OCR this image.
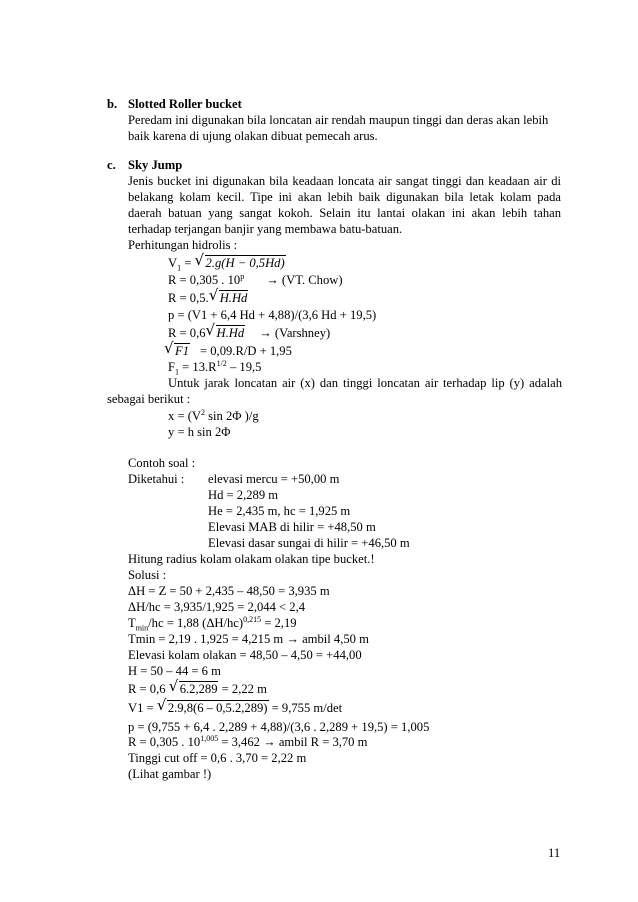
b. Slotted Roller bucket
Peredam ini digunakan bila loncatan air rendah maupun tinggi dan deras akan lebih
baik karena di ujung olakan dibuat pemecah arus.
c. Sky Jump
Jenis bucket ini digunakan bila keadaan loncata air sangat tinggi dan keadaan air di
belakang kolam kecil. Tipe ini akan lebih baik digunakan bila letak kolam pada
daerah batuan yang sangat kokoh. Selain itu lantai olakan ini akan lebih tahan
terhadap terjangan banjir yang membawa batu-batuan.
Perhitungan hidrolis :
$V_1$ = √ 2.g(H − 0,5Hd)
R = 0,305 . $10^p \to (VT$. Chow)
R = 0,5. √ H.Hd
p = (V1 + 6,4 Hd + 4,88)/(3,6 Hd + 19,5)
R = 0,6 √ H.Hd → (Varshney)
√ F1 = 0,09.R/D + 1,95
$F_1 = 13.R^{1/2} - 19,5$
Untuk jarak loncatan air (x) dan tinggi loncatan air terhadap lip (y) adalah
sebagai berikut :
$x = (V^2$ sin 2Φ )/g
y = h sin 2Φ
Contoh soal :
Diketahui : elevasi mercu = +50,00 m
Hd = 2,289 m
He = 2,435 m, hc = 1,925 m
Elevasi MAB di hilir = +48,50 m
Elevasi dasar sungai di hilir = +46,50 m
Hitung radius kolam olakam olakan tipe bucket.!
Solusi :
ΔH = Z = 50 + 2,435 – 48,50 = 3,935 m
ΔH/hc = 3,935/1,925 = 2,044 < 2,4
$T_{min}/hc = 1,88$ $(\Delta H/hc)^{0,215} = 2,19$
Tmin = 2,19 . 1,925 = 4,215 m → ambil 4,50 m
Elevasi kolam olakan = 48,50 – 4,50 = +44,00
H = 50 – 44 = 6 m
R = 0,6 √ 6.2,289 = 2,22 m
V1 = √ 2.9,8(6 – 0,5.2,289) = 9,755 m/det
p = (9,755 + 6,4 . 2,289 + 4,88)/(3,6 . 2,289 + 19,5) = 1,005
R = 0,305 . $10^{1,005} = 3,462$ → ambil R = 3,70 m
Tinggi cut off = 0,6 . 3,70 = 2,22 m
(Lihat gambar !)
11
